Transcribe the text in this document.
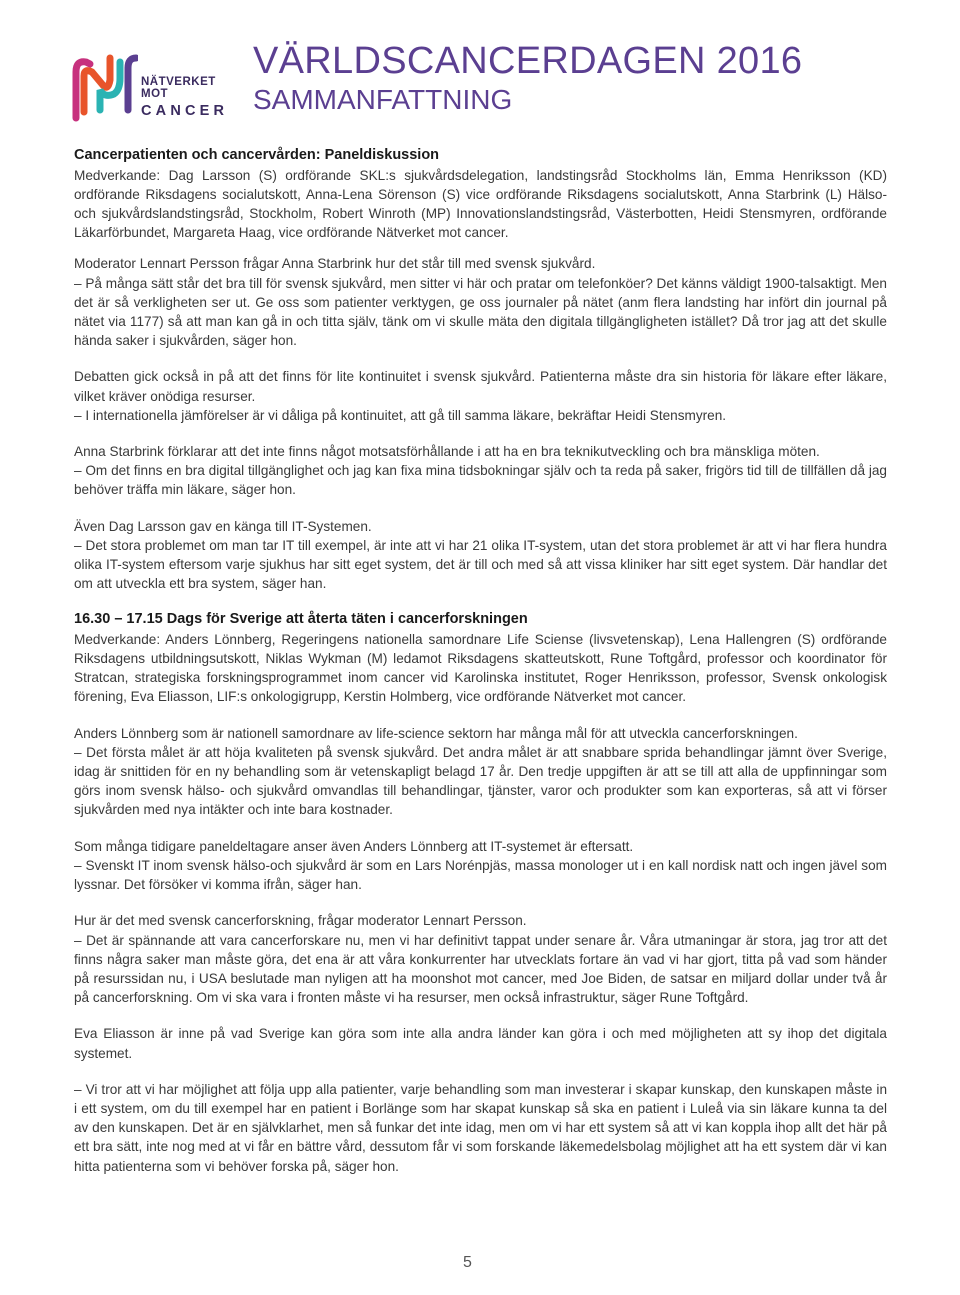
NÄTVERKET MOT
CANCER
VÄRLDSCANCERDAGEN 2016
SAMMANFATTNING
Cancerpatienten och cancervården: Paneldiskussion

Medverkande: Dag Larsson (S) ordförande SKL:s sjukvårdsdelegation, landstingsråd Stockholms län, Emma Henriksson (KD) ordförande Riksdagens socialutskott, Anna-Lena Sörenson (S) vice ordförande Riksdagens socialutskott, Anna Starbrink (L) Hälso- och sjukvårdslandstingsråd, Stockholm, Robert Winroth (MP) Innovationslandstingsråd, Västerbotten, Heidi Stensmyren, ordförande Läkarförbundet, Margareta Haag, vice ordförande Nätverket mot cancer.

Moderator Lennart Persson frågar Anna Starbrink hur det står till med svensk sjukvård.

– På många sätt står det bra till för svensk sjukvård, men sitter vi här och pratar om telefonköer? Det känns väldigt 1900-talsaktigt. Men det är så verkligheten ser ut. Ge oss som patienter verktygen, ge oss journaler på nätet (anm flera landsting har infört din journal på nätet via 1177) så att man kan gå in och titta själv, tänk om vi skulle mäta den digitala tillgängligheten istället? Då tror jag att det skulle hända saker i sjukvården, säger hon.

Debatten gick också in på att det finns för lite kontinuitet i svensk sjukvård. Patienterna måste dra sin historia för läkare efter läkare, vilket kräver onödiga resurser.

– I internationella jämförelser är vi dåliga på kontinuitet, att gå till samma läkare, bekräftar Heidi Stensmyren.

Anna Starbrink förklarar att det inte finns något motsatsförhållande i att ha en bra teknikutveckling och bra mänskliga möten.

– Om det finns en bra digital tillgänglighet och jag kan fixa mina tidsbokningar själv och ta reda på saker, frigörs tid till de tillfällen då jag behöver träffa min läkare, säger hon.

Även Dag Larsson gav en känga till IT-Systemen.

– Det stora problemet om man tar IT till exempel, är inte att vi har 21 olika IT-system, utan det stora problemet är att vi har flera hundra olika IT-system eftersom varje sjukhus har sitt eget system, det är till och med så att vissa kliniker har sitt eget system. Där handlar det om att utveckla ett bra system, säger han.

16.30 – 17.15 Dags för Sverige att återta täten i cancerforskningen

Medverkande: Anders Lönnberg, Regeringens nationella samordnare Life Sciense (livsvetenskap), Lena Hallengren (S) ordförande Riksdagens utbildningsutskott, Niklas Wykman (M) ledamot Riksdagens skatteutskott, Rune Toftgård, professor och koordinator för Stratcan, strategiska forskningsprogrammet inom cancer vid Karolinska institutet, Roger Henriksson, professor, Svensk onkologisk förening, Eva Eliasson, LIF:s onkologigrupp, Kerstin Holmberg, vice ordförande Nätverket mot cancer.

Anders Lönnberg som är nationell samordnare av life-science sektorn har många mål för att utveckla cancerforskningen.

– Det första målet är att höja kvaliteten på svensk sjukvård. Det andra målet är att snabbare sprida behandlingar jämnt över Sverige, idag är snittiden för en ny behandling som är vetenskapligt belagd 17 år. Den tredje uppgiften är att se till att alla de uppfinningar som görs inom svensk hälso- och sjukvård omvandlas till behandlingar, tjänster, varor och produkter som kan exporteras, så att vi förser sjukvården med nya intäkter och inte bara kostnader.

Som många tidigare paneldeltagare anser även Anders Lönnberg att IT-systemet är eftersatt.

– Svenskt IT inom svensk hälso-och sjukvård är som en Lars Norénpjäs, massa monologer ut i en kall nordisk natt och ingen jävel som lyssnar. Det försöker vi komma ifrån, säger han.

Hur är det med svensk cancerforskning, frågar moderator Lennart Persson.

– Det är spännande att vara cancerforskare nu, men vi har definitivt tappat under senare år. Våra utmaningar är stora, jag tror att det finns några saker man måste göra, det ena är att våra konkurrenter har utvecklats fortare än vad vi har gjort, titta på vad som händer på resurssidan nu, i USA beslutade man nyligen att ha moonshot mot cancer, med Joe Biden, de satsar en miljard dollar under två år på cancerforskning. Om vi ska vara i fronten måste vi ha resurser, men också infrastruktur, säger Rune Toftgård.

Eva Eliasson är inne på vad Sverige kan göra som inte alla andra länder kan göra i och med möjligheten att sy ihop det digitala systemet.

– Vi tror att vi har möjlighet att följa upp alla patienter, varje behandling som man investerar i skapar kunskap, den kunskapen måste in i ett system, om du till exempel har en patient i Borlänge som har skapat kunskap så ska en patient i Luleå via sin läkare kunna ta del av den kunskapen. Det är en självklarhet, men så funkar det inte idag, men om vi har ett system så att vi kan koppla ihop allt det här på ett bra sätt, inte nog med at vi får en bättre vård, dessutom får vi som forskande läkemedelsbolag möjlighet att ha ett system där vi kan hitta patienterna som vi behöver forska på, säger hon.

5
